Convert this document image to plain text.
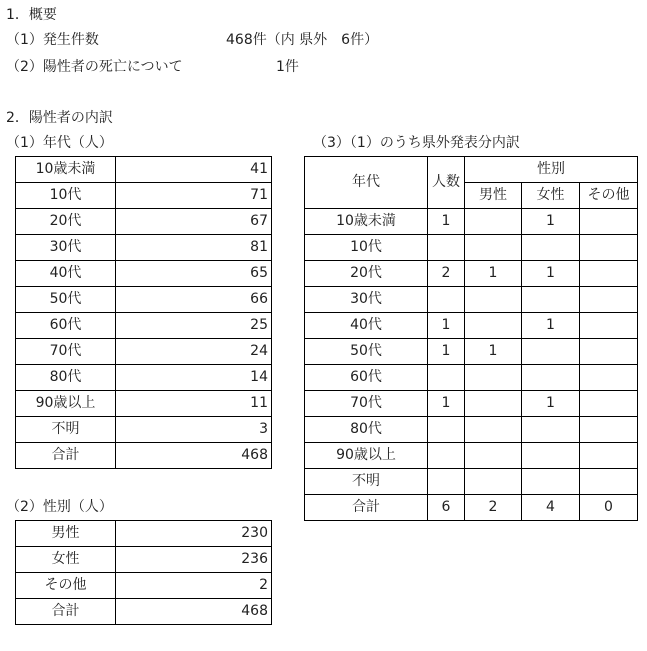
1．概要
（1）発生件数	468件（内 県外　6件）
（2）陽性者の死亡について	1件
2．陽性者の内訳
（1）年代（人）	（3）（1）のうち県外発表分内訳
10歳未満	41
10代	71
20代	67
30代	81
40代	65
50代	66
60代	25
70代	24
80代	14
90歳以上	11
不明	3
合計	468
（2）性別（人）
男性	230
女性	236
その他	2
合計	468
年代	人数	性別		
		男性	女性	その他
10歳未満	1		1	
10代				
20代	2	1	1	
30代				
40代	1		1	
50代	1	1		
60代				
70代	1		1	
80代				
90歳以上				
不明				
合計	6	2	4	0
